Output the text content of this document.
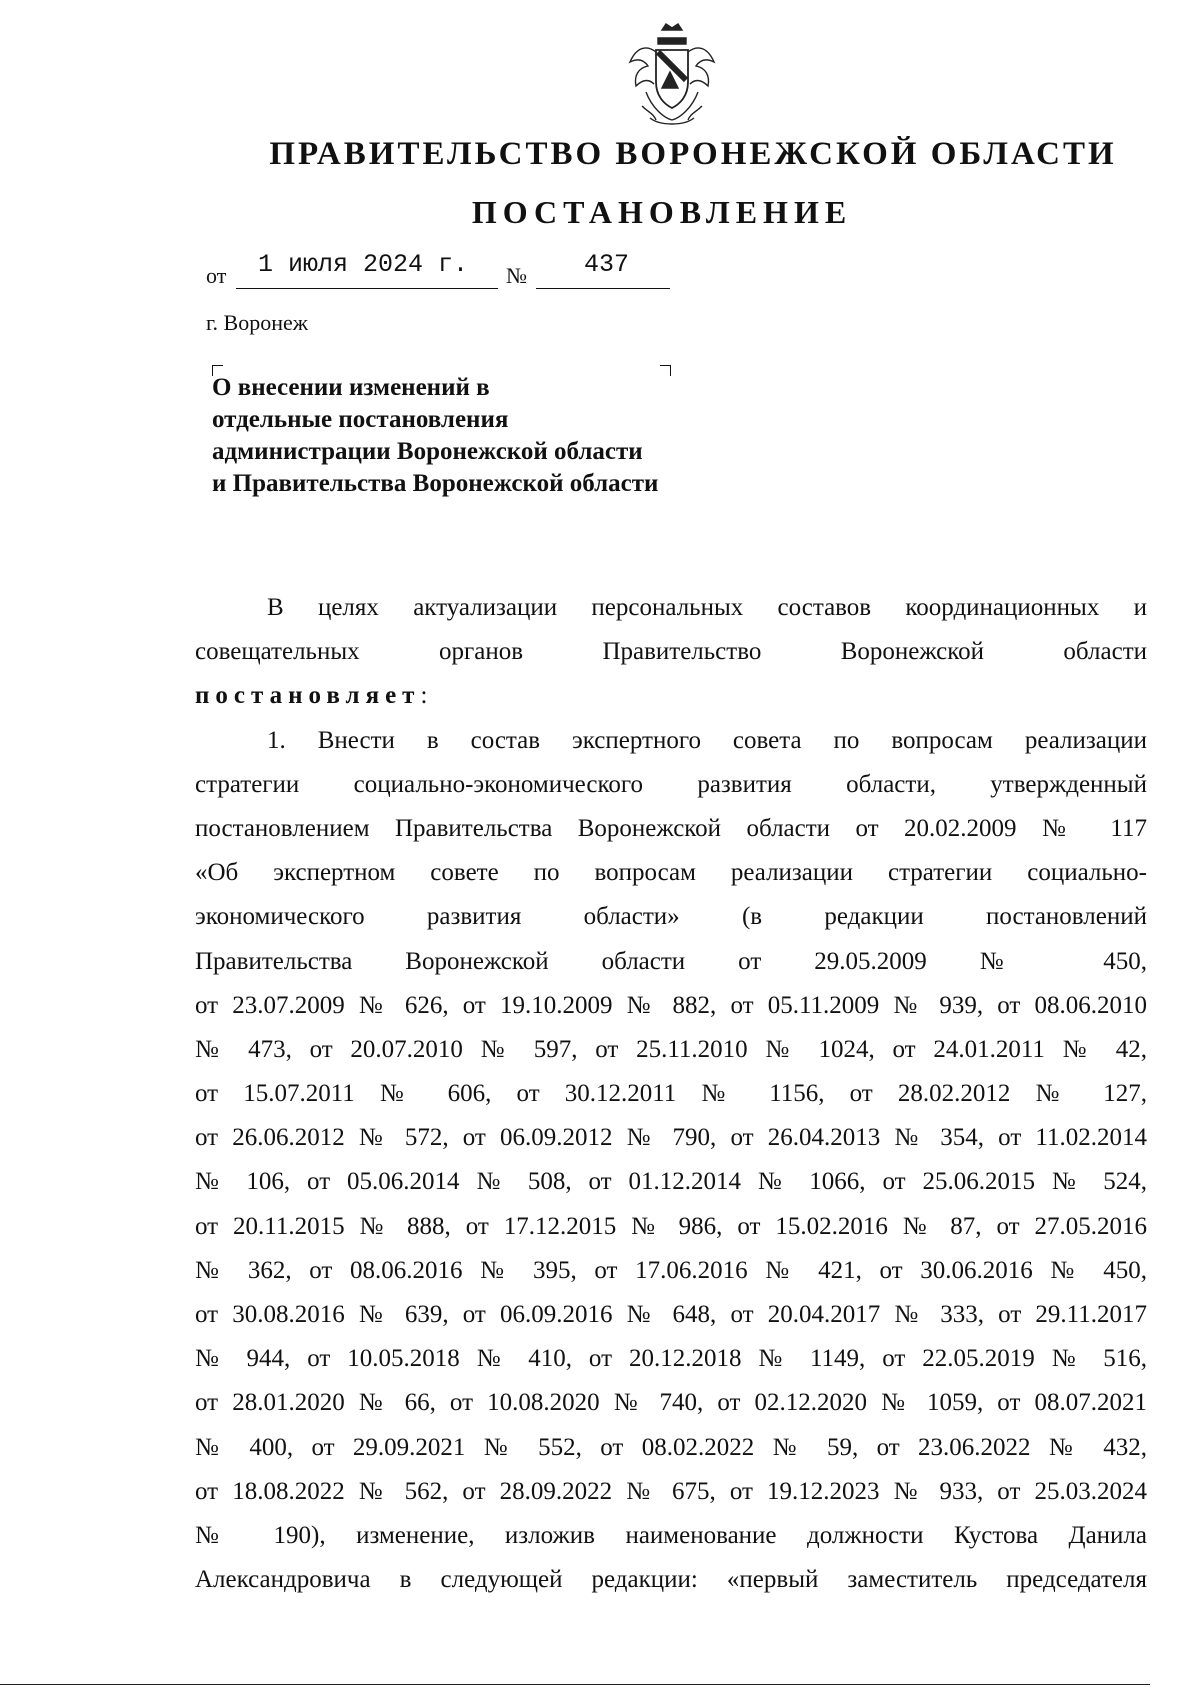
ПРАВИТЕЛЬСТВО ВОРОНЕЖСКОЙ ОБЛАСТИ
ПОСТАНОВЛЕНИЕ
от 1 июля 2024 г. № 437
г. Воронеж
О внесении изменений в
отдельные постановления
администрации Воронежской области
и Правительства Воронежской области
В целях актуализации персональных составов координационных и
совещательных органов Правительство Воронежской области
постановляет:
1. Внести в состав экспертного совета по вопросам реализации
стратегии социально-экономического развития области, утвержденный
постановлением Правительства Воронежской области от 20.02.2009 № 117
«Об экспертном совете по вопросам реализации стратегии социально-
экономического развития области» (в редакции постановлений
Правительства Воронежской области от 29.05.2009 № 450,
от 23.07.2009 № 626, от 19.10.2009 № 882, от 05.11.2009 № 939, от 08.06.2010
№ 473, от 20.07.2010 № 597, от 25.11.2010 № 1024, от 24.01.2011 № 42,
от 15.07.2011 № 606, от 30.12.2011 № 1156, от 28.02.2012 № 127,
от 26.06.2012 № 572, от 06.09.2012 № 790, от 26.04.2013 № 354, от 11.02.2014
№ 106, от 05.06.2014 № 508, от 01.12.2014 № 1066, от 25.06.2015 № 524,
от 20.11.2015 № 888, от 17.12.2015 № 986, от 15.02.2016 № 87, от 27.05.2016
№ 362, от 08.06.2016 № 395, от 17.06.2016 № 421, от 30.06.2016 № 450,
от 30.08.2016 № 639, от 06.09.2016 № 648, от 20.04.2017 № 333, от 29.11.2017
№ 944, от 10.05.2018 № 410, от 20.12.2018 № 1149, от 22.05.2019 № 516,
от 28.01.2020 № 66, от 10.08.2020 № 740, от 02.12.2020 № 1059, от 08.07.2021
№ 400, от 29.09.2021 № 552, от 08.02.2022 № 59, от 23.06.2022 № 432,
от 18.08.2022 № 562, от 28.09.2022 № 675, от 19.12.2023 № 933, от 25.03.2024
№ 190), изменение, изложив наименование должности Кустова Данила
Александровича в следующей редакции: «первый заместитель председателя
